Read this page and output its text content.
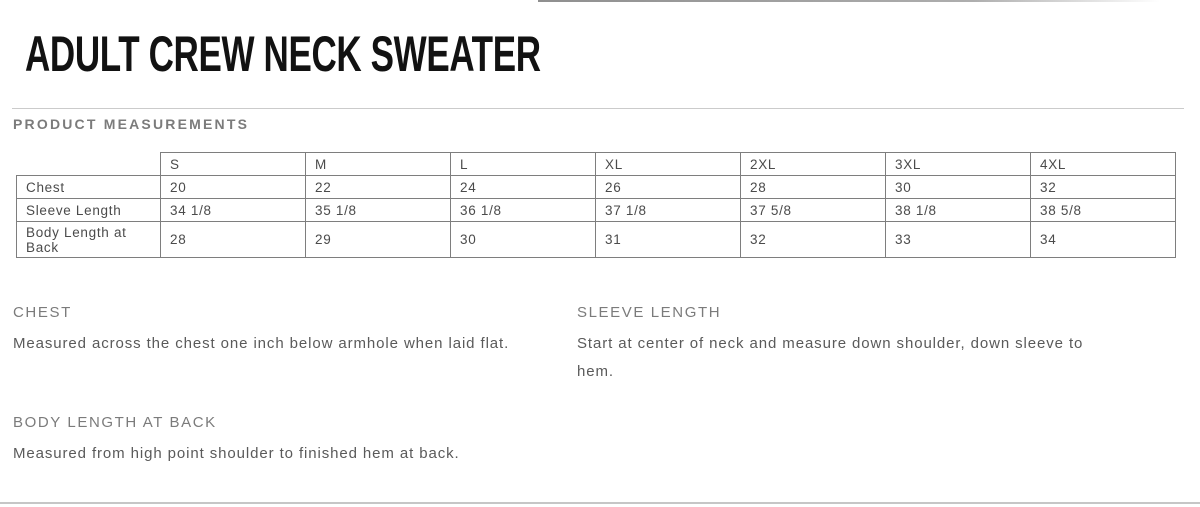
ADULT CREW NECK SWEATER
PRODUCT MEASUREMENTS
	S	M	L	XL	2XL	3XL	4XL
Chest	20	22	24	26	28	30	32
Sleeve Length	34 1/8	35 1/8	36 1/8	37 1/8	37 5/8	38 1/8	38 5/8
Body Length at Back	28	29	30	31	32	33	34
CHEST
Measured across the chest one inch below armhole when laid flat.
SLEEVE LENGTH
Start at center of neck and measure down shoulder, down sleeve to hem.
BODY LENGTH AT BACK
Measured from high point shoulder to finished hem at back.
